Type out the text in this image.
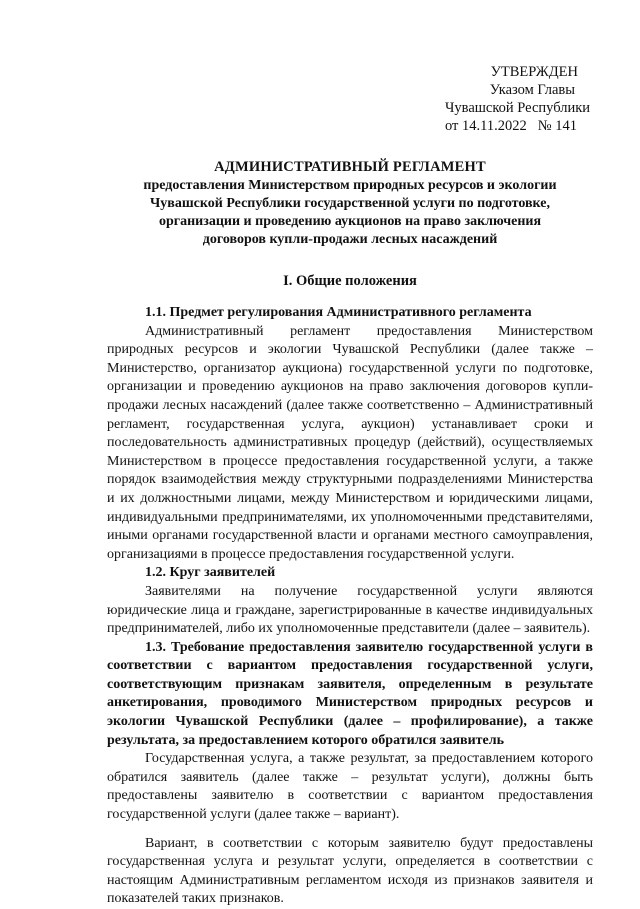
УТВЕРЖДЕН
Указом Главы
Чувашской Республики
от 14.11.2022 № 141
АДМИНИСТРАТИВНЫЙ РЕГЛАМЕНТ
предоставления Министерством природных ресурсов и экологии
Чувашской Республики государственной услуги по подготовке,
организации и проведению аукционов на право заключения
договоров купли-продажи лесных насаждений
I. Общие положения

1.1. Предмет регулирования Административного регламента

Административный регламент предоставления Министерством природных ресурсов и экологии Чувашской Республики (далее также – Министерство, организатор аукциона) государственной услуги по подготовке, организации и проведению аукционов на право заключения договоров купли-продажи лесных насаждений (далее также соответственно – Административный регламент, государственная услуга, аукцион) устанавливает сроки и последовательность административных процедур (действий), осуществляемых Министерством в процессе предоставления государственной услуги, а также порядок взаимодействия между структурными подразделениями Министерства и их должностными лицами, между Министерством и юридическими лицами, индивидуальными предпринимателями, их уполномоченными представителями, иными органами государственной власти и органами местного самоуправления, организациями в процессе предоставления государственной услуги.

1.2. Круг заявителей

Заявителями на получение государственной услуги являются юридические лица и граждане, зарегистрированные в качестве индивидуальных предпринимателей, либо их уполномоченные представители (далее – заявитель).

1.3. Требование предоставления заявителю государственной услуги в соответствии с вариантом предоставления государственной услуги, соответствующим признакам заявителя, определенным в результате анкетирования, проводимого Министерством природных ресурсов и экологии Чувашской Республики (далее – профилирование), а также результата, за предоставлением которого обратился заявитель

Государственная услуга, а также результат, за предоставлением которого обратился заявитель (далее также – результат услуги), должны быть предоставлены заявителю в соответствии с вариантом предоставления государственной услуги (далее также – вариант).

Вариант, в соответствии с которым заявителю будут предоставлены государственная услуга и результат услуги, определяется в соответствии с настоящим Административным регламентом исходя из признаков заявителя и показателей таких признаков.
